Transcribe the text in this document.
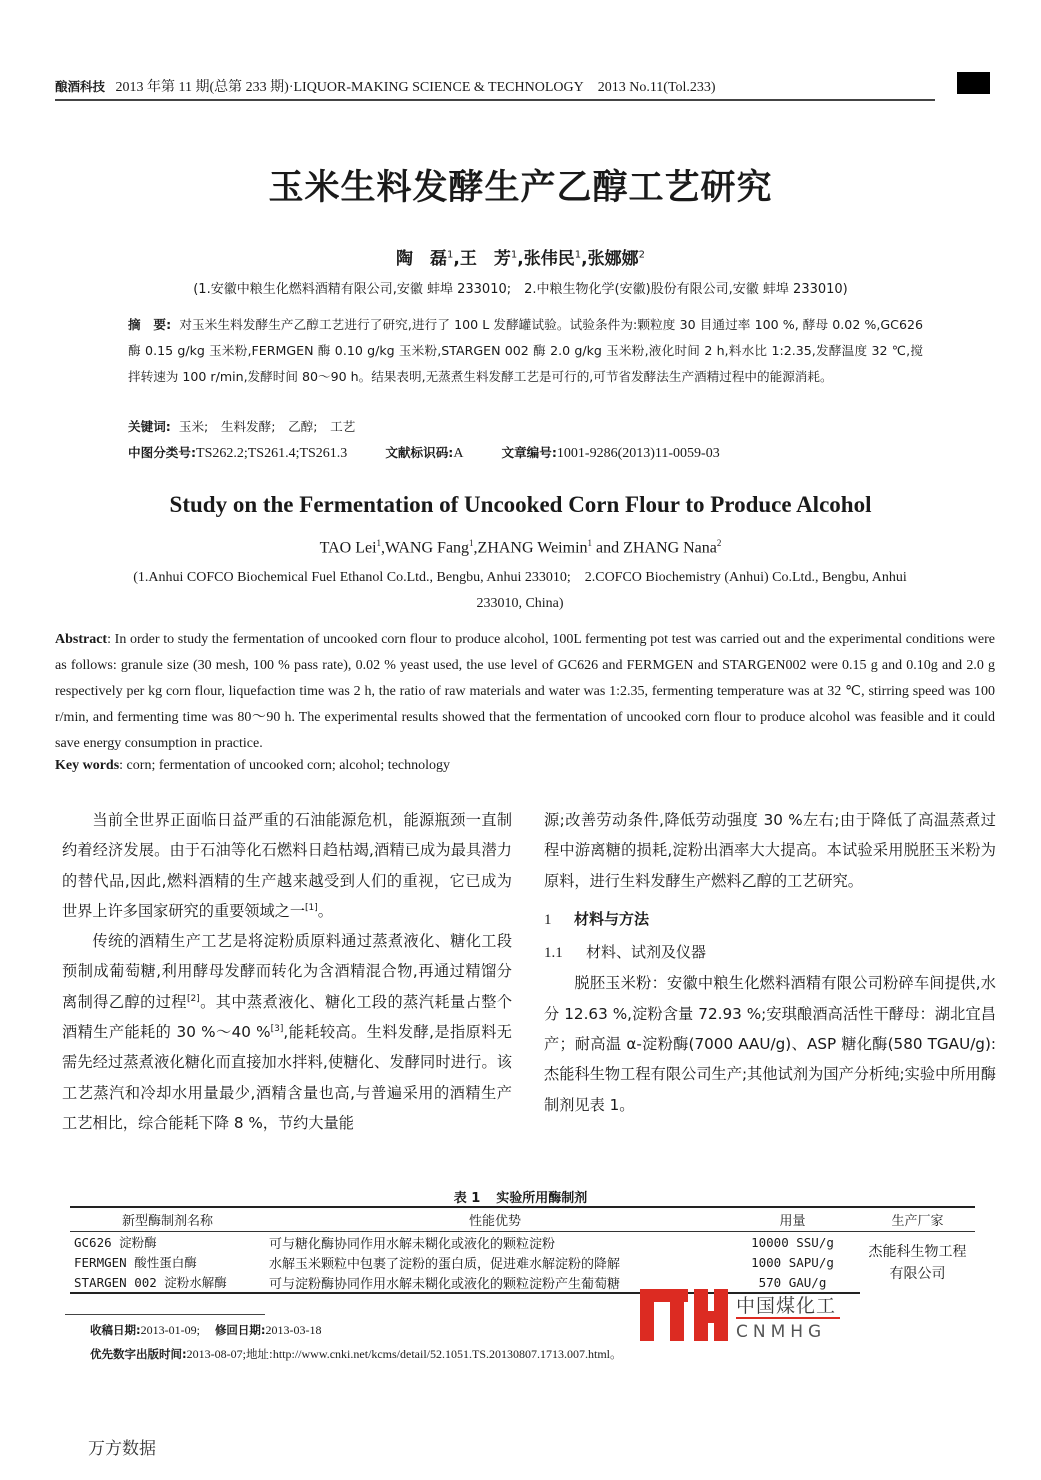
酿酒科技 2013 年第 11 期(总第 233 期)·LIQUOR-MAKING SCIENCE & TECHNOLOGY 2013 No.11(Tol.233)
玉米生料发酵生产乙醇工艺研究
陶　磊$^1$,王　芳$^1$,张伟民$^1$,张娜娜$^2$
(1.安徽中粮生化燃料酒精有限公司,安徽 蚌埠 233010;　2.中粮生物化学(安徽)股份有限公司,安徽 蚌埠 233010)
摘　要: 对玉米生料发酵生产乙醇工艺进行了研究,进行了 100 L 发酵罐试验。试验条件为:颗粒度 30 目通过率 100 %, 酵母 0.02 %,GC626 酶 0.15 g/kg 玉米粉,FERMGEN 酶 0.10 g/kg 玉米粉,STARGEN 002 酶 2.0 g/kg 玉米粉,液化时间 2 h,料水比 1:2.35,发酵温度 32 ℃,搅拌转速为 100 r/min,发酵时间 80～90 h。结果表明,无蒸煮生料发酵工艺是可行的,可节省发酵法生产酒精过程中的能源消耗。
关键词: 玉米;　生料发酵;　乙醇;　工艺
中图分类号:TS262.2;TS261.4;TS261.3	文献标识码:A	文章编号:1001-9286(2013)11-0059-03
Study on the Fermentation of Uncooked Corn Flour to Produce Alcohol
TAO Lei$^1$,WANG Fang$^1$,ZHANG Weimin$^1$ and ZHANG Nana$^2$
(1.Anhui COFCO Biochemical Fuel Ethanol Co.Ltd., Bengbu, Anhui 233010;　2.COFCO Biochemistry (Anhui) Co.Ltd., Bengbu, Anhui 233010, China)
Abstract: In order to study the fermentation of uncooked corn flour to produce alcohol, 100L fermenting pot test was carried out and the experimental conditions were as follows: granule size (30 mesh, 100 % pass rate), 0.02 % yeast used, the use level of GC626 and FERMGEN and STARGEN002 were 0.15 g and 0.10g and 2.0 g respectively per kg corn flour, liquefaction time was 2 h, the ratio of raw materials and water was 1:2.35, fermenting temperature was at 32 ℃, stirring speed was 100 r/min, and fermenting time was 80～90 h. The experimental results showed that the fermentation of uncooked corn flour to produce alcohol was feasible and it could save energy consumption in practice.
Key words: corn; fermentation of uncooked corn; alcohol; technology

当前全世界正面临日益严重的石油能源危机，能源瓶颈一直制约着经济发展。由于石油等化石燃料日趋枯竭,酒精已成为最具潜力的替代品,因此,燃料酒精的生产越来越受到人们的重视，它已成为世界上许多国家研究的重要领域之一[1]。

传统的酒精生产工艺是将淀粉质原料通过蒸煮液化、糖化工段预制成葡萄糖,利用酵母发酵而转化为含酒精混合物,再通过精馏分离制得乙醇的过程[2]。其中蒸煮液化、糖化工段的蒸汽耗量占整个酒精生产能耗的 30 %～40 %[3],能耗较高。生料发酵,是指原料无需先经过蒸煮液化糖化而直接加水拌料,使糖化、发酵同时进行。该工艺蒸汽和冷却水用量最少,酒精含量也高,与普遍采用的酒精生产工艺相比，综合能耗下降 8 %，节约大量能

源;改善劳动条件,降低劳动强度 30 %左右;由于降低了高温蒸煮过程中游离糖的损耗,淀粉出酒率大大提高。本试验采用脱胚玉米粉为原料，进行生料发酵生产燃料乙醇的工艺研究。

1 材料与方法

1.1 材料、试剂及仪器

脱胚玉米粉：安徽中粮生化燃料酒精有限公司粉碎车间提供,水分 12.63 %,淀粉含量 72.93 %;安琪酿酒高活性干酵母：湖北宜昌产；耐高温 α-淀粉酶(7000 AAU/g)、ASP 糖化酶(580 TGAU/g):杰能科生物工程有限公司生产;其他试剂为国产分析纯;实验中所用酶制剂见表 1。

表 1 实验所用酶制剂
新型酶制剂名称	性能优势	用量	生产厂家
GC626 淀粉酶	可与糖化酶协同作用水解未糊化或液化的颗粒淀粉	10000 SSU/g	杰能科生物工程有限公司
FERMGEN 酸性蛋白酶	水解玉米颗粒中包裹了淀粉的蛋白质，促进难水解淀粉的降解	1000 SAPU/g	
STARGEN 002 淀粉水解酶	可与淀粉酶协同作用水解未糊化或液化的颗粒淀粉产生葡萄糖	570 GAU/g	
收稿日期:2013-01-09; 修回日期:2013-03-18
优先数字出版时间:2013-08-07;地址:http://www.cnki.net/kcms/detail/52.1051.TS.20130807.1713.007.html。
中国煤化工
CNMHG
万方数据
